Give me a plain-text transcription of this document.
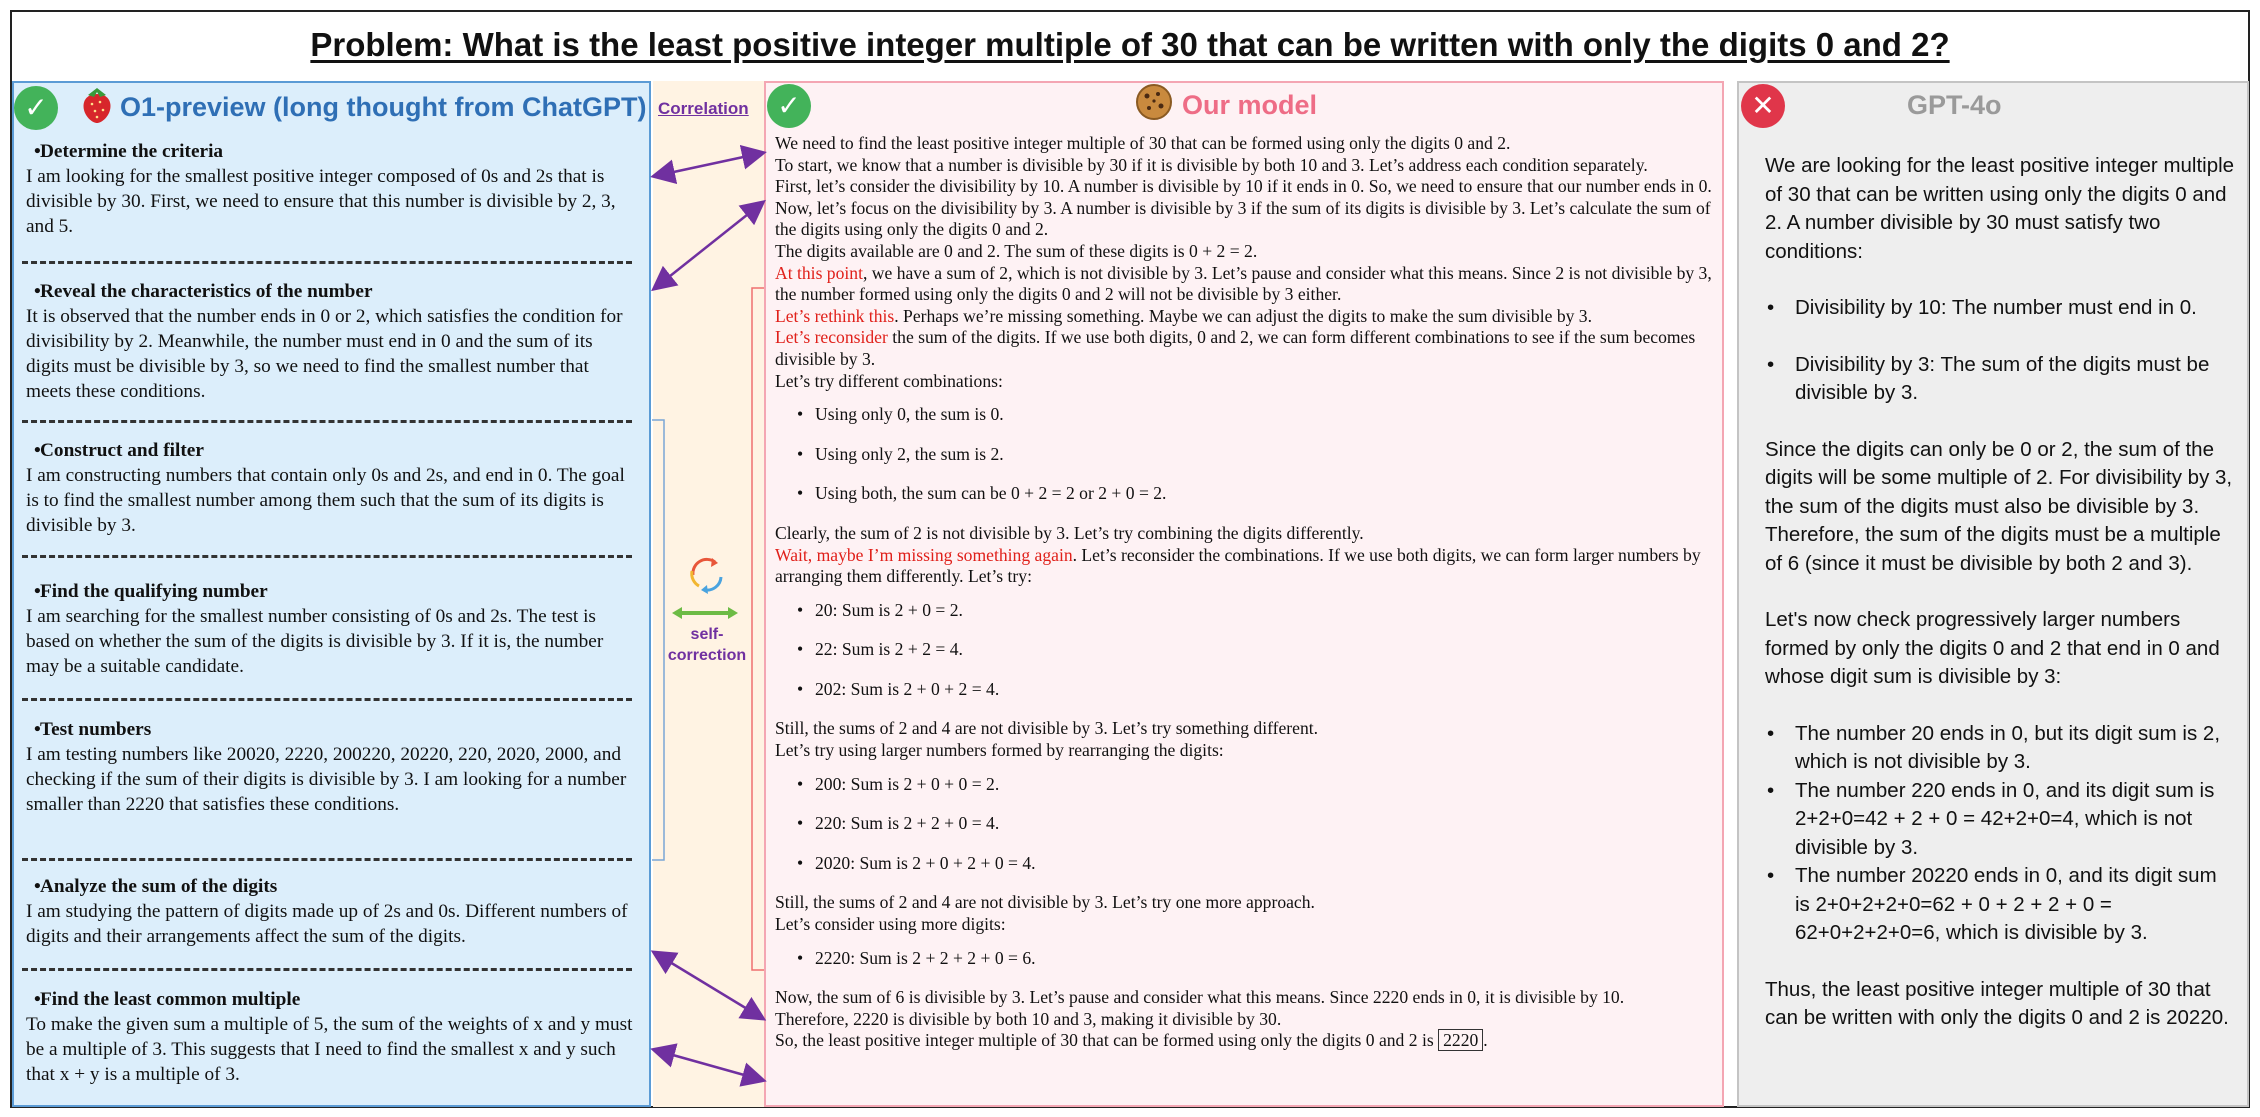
Problem: What is the least positive integer multiple of 30 that can be written with only the digits 0 and 2?
✓	O1-preview (long thought from ChatGPT)
• Determine the criteria
I am looking for the smallest positive integer composed of 0s and 2s that is divisible by 30. First, we need to ensure that this number is divisible by 2, 3, and 5.
• Reveal the characteristics of the number
It is observed that the number ends in 0 or 2, which satisfies the condition for divisibility by 2. Meanwhile, the number must end in 0 and the sum of its digits must be divisible by 3, so we need to find the smallest number that meets these conditions.
• Construct and filter
I am constructing numbers that contain only 0s and 2s, and end in 0. The goal is to find the smallest number among them such that the sum of its digits is divisible by 3.
• Find the qualifying number
I am searching for the smallest number consisting of 0s and 2s. The test is based on whether the sum of the digits is divisible by 3. If it is, the number may be a suitable candidate.
• Test numbers
I am testing numbers like 20020, 2220, 200220, 20220, 220, 2020, 2000, and checking if the sum of their digits is divisible by 3. I am looking for a number smaller than 2220 that satisfies these conditions.
• Analyze the sum of the digits
I am studying the pattern of digits made up of 2s and 0s. Different numbers of digits and their arrangements affect the sum of the digits.
• Find the least common multiple
To make the given sum a multiple of 5, the sum of the weights of x and y must be a multiple of 3. This suggests that I need to find the smallest x and y such that x + y is a multiple of 3.
Correlation
self-
correction
✓	Our model

We need to find the least positive integer multiple of 30 that can be formed using only the digits 0 and 2.

To start, we know that a number is divisible by 30 if it is divisible by both 10 and 3. Let’s address each condition separately.

First, let’s consider the divisibility by 10. A number is divisible by 10 if it ends in 0. So, we need to ensure that our number ends in 0.

Now, let’s focus on the divisibility by 3. A number is divisible by 3 if the sum of its digits is divisible by 3. Let’s calculate the sum of the digits using only the digits 0 and 2.

The digits available are 0 and 2. The sum of these digits is 0 + 2 = 2.

At this point, we have a sum of 2, which is not divisible by 3. Let’s pause and consider what this means. Since 2 is not divisible by 3, the number formed using only the digits 0 and 2 will not be divisible by 3 either.

Let’s rethink this. Perhaps we’re missing something. Maybe we can adjust the digits to make the sum divisible by 3.

Let’s reconsider the sum of the digits. If we use both digits, 0 and 2, we can form different combinations to see if the sum becomes divisible by 3.

Let’s try different combinations:

• Using only 0, the sum is 0.
• Using only 2, the sum is 2.
• Using both, the sum can be 0 + 2 = 2 or 2 + 0 = 2.

Clearly, the sum of 2 is not divisible by 3. Let’s try combining the digits differently.

Wait, maybe I’m missing something again. Let’s reconsider the combinations. If we use both digits, we can form larger numbers by arranging them differently. Let’s try:

• 20: Sum is 2 + 0 = 2.
• 22: Sum is 2 + 2 = 4.
• 202: Sum is 2 + 0 + 2 = 4.

Still, the sums of 2 and 4 are not divisible by 3. Let’s try something different.

Let’s try using larger numbers formed by rearranging the digits:

• 200: Sum is 2 + 0 + 0 = 2.
• 220: Sum is 2 + 2 + 0 = 4.
• 2020: Sum is 2 + 0 + 2 + 0 = 4.

Still, the sums of 2 and 4 are not divisible by 3. Let’s try one more approach.

Let’s consider using more digits:

• 2220: Sum is 2 + 2 + 2 + 0 = 6.

Now, the sum of 6 is divisible by 3. Let’s pause and consider what this means. Since 2220 ends in 0, it is divisible by 10.

Therefore, 2220 is divisible by both 10 and 3, making it divisible by 30.

So, the least positive integer multiple of 30 that can be formed using only the digits 0 and 2 is 2220 .

✕	GPT-4o

We are looking for the least positive integer multiple of 30 that can be written using only the digits 0 and 2. A number divisible by 30 must satisfy two conditions:

• Divisibility by 10: The number must end in 0.
• Divisibility by 3: The sum of the digits must be divisible by 3.

Since the digits can only be 0 or 2, the sum of the digits will be some multiple of 2. For divisibility by 3, the sum of the digits must also be divisible by 3. Therefore, the sum of the digits must be a multiple of 6 (since it must be divisible by both 2 and 3).

Let's now check progressively larger numbers formed by only the digits 0 and 2 that end in 0 and whose digit sum is divisible by 3:

• The number 20 ends in 0, but its digit sum is 2, which is not divisible by 3.
• The number 220 ends in 0, and its digit sum is 2+2+0=42 + 2 + 0 = 42+2+0=4, which is not divisible by 3.
• The number 20220 ends in 0, and its digit sum is 2+0+2+2+0=62 + 0 + 2 + 2 + 0 = 62+0+2+2+0=6, which is divisible by 3.

Thus, the least positive integer multiple of 30 that can be written with only the digits 0 and 2 is 20220.
